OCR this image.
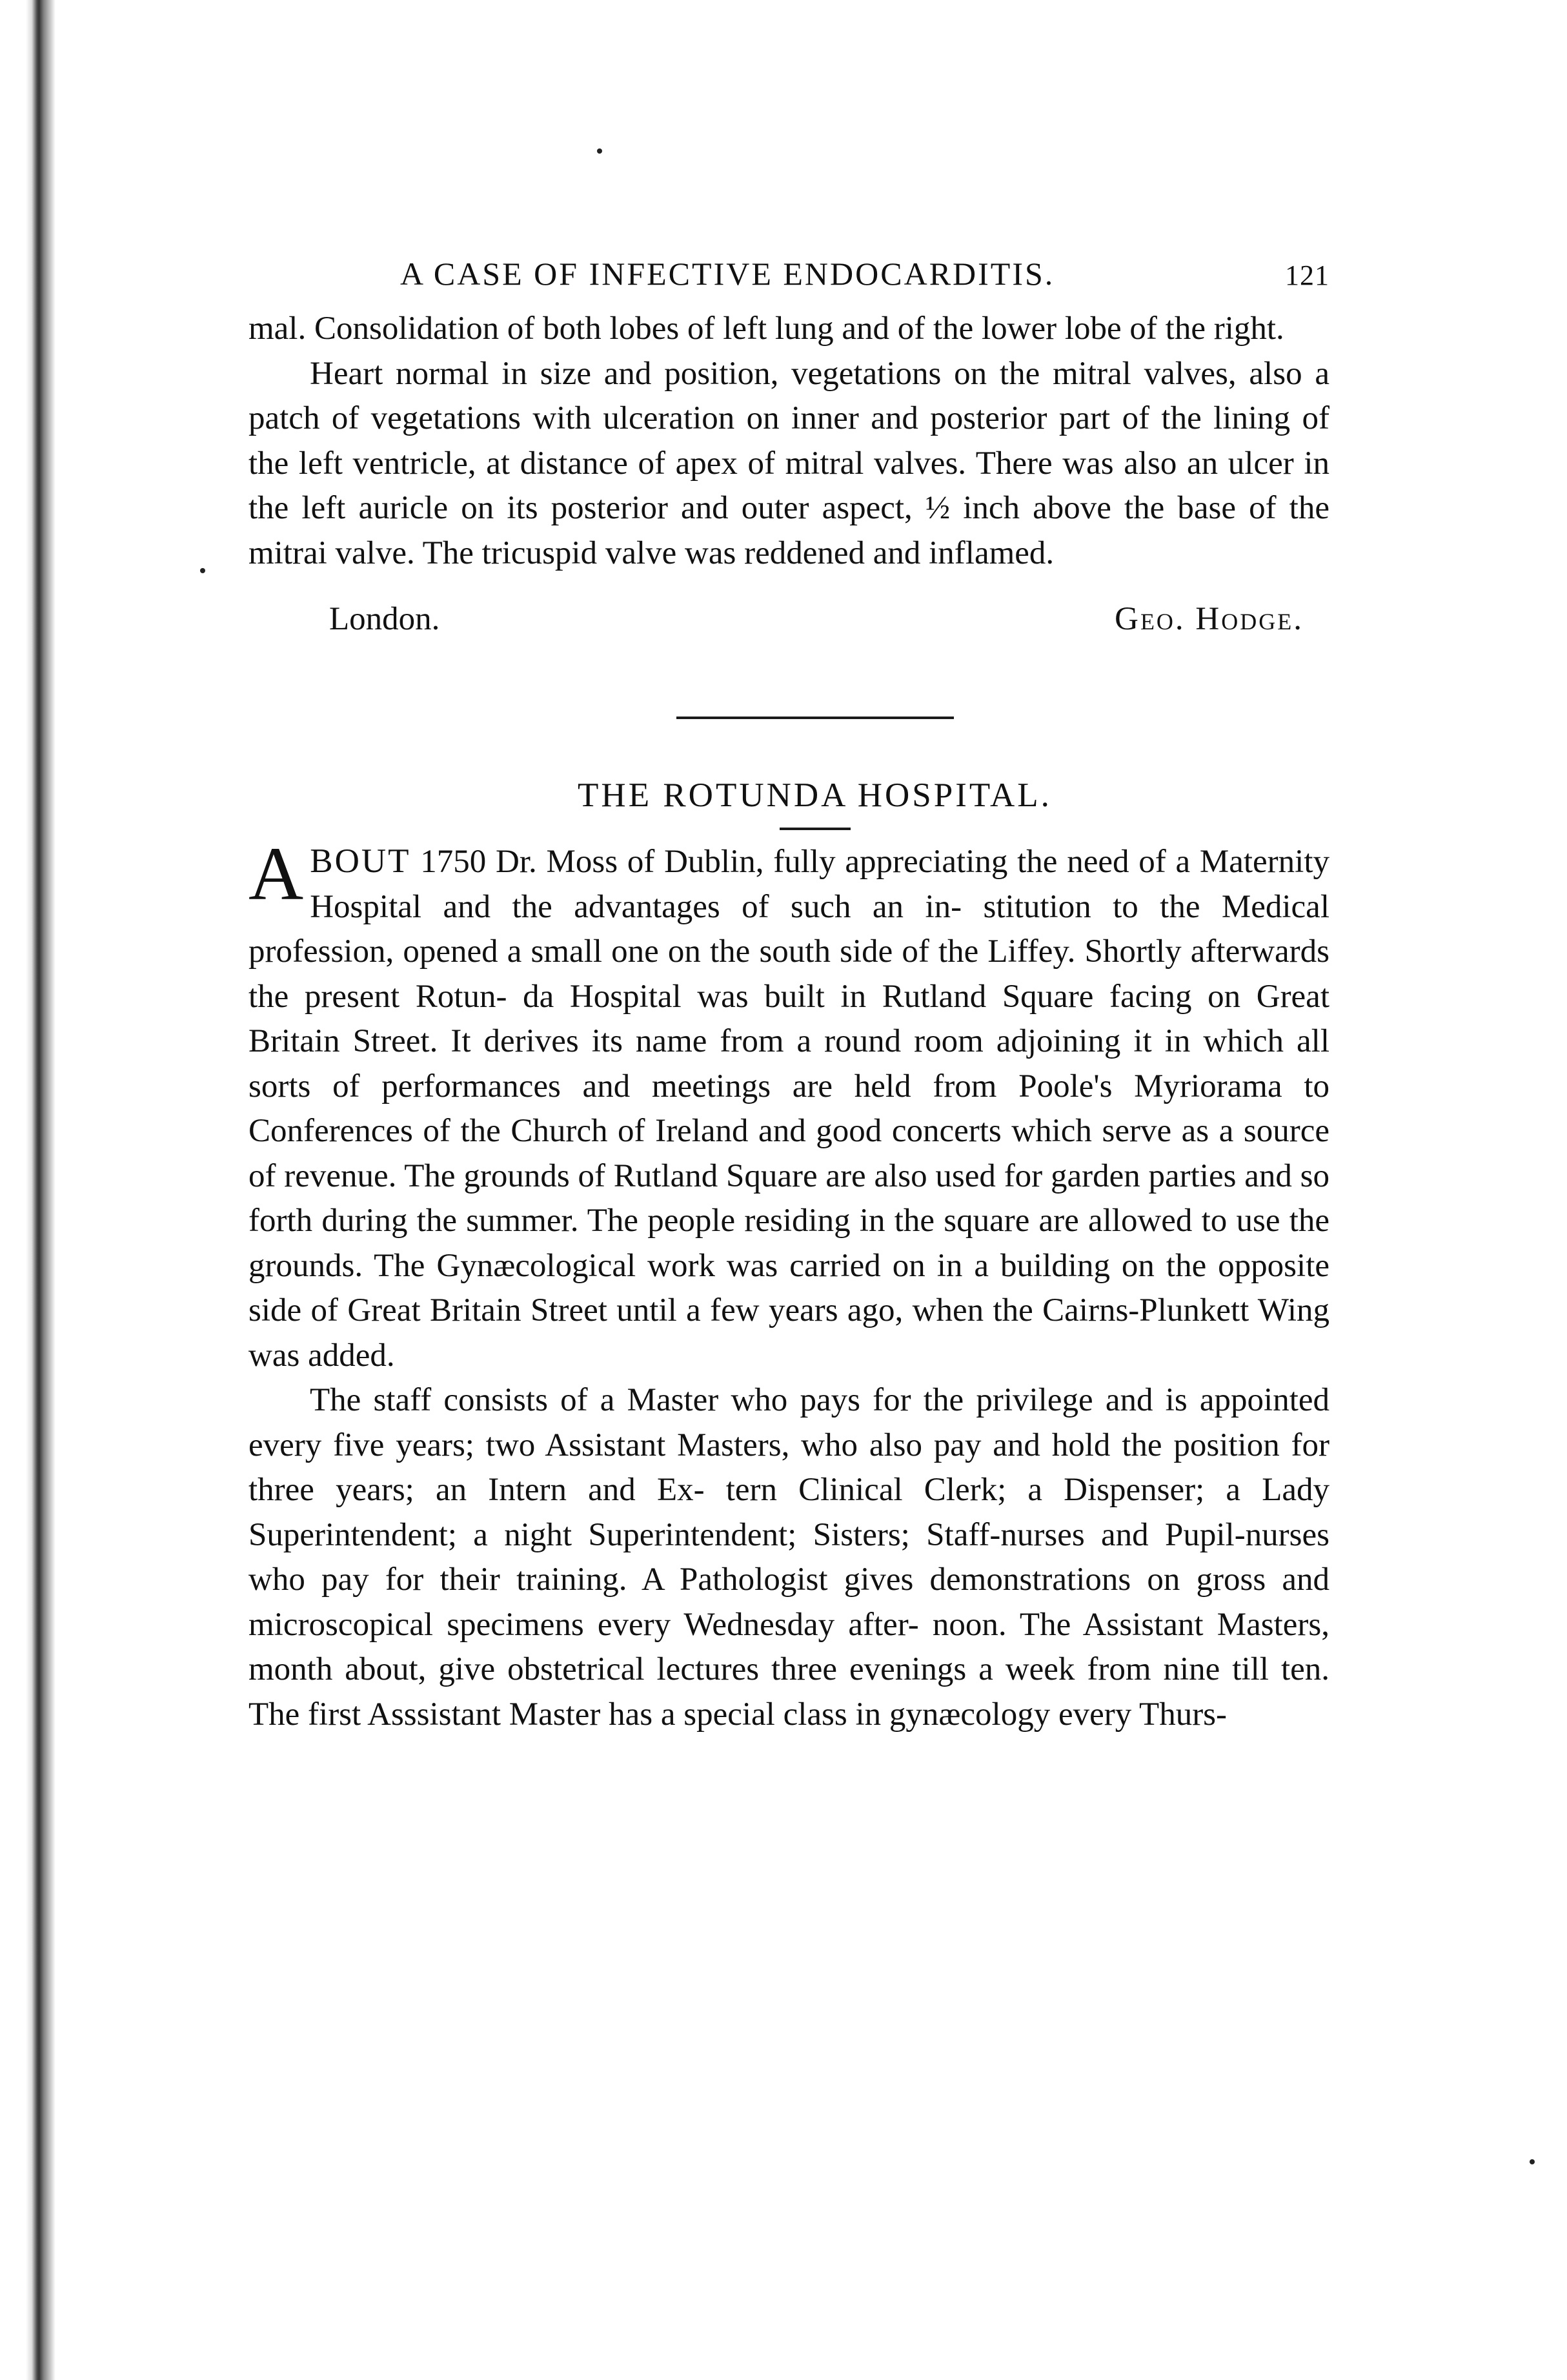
A CASE OF INFECTIVE ENDOCARDITIS.	121

mal. Consolidation of both lobes of left lung and of the lower lobe of the right.

Heart normal in size and position, vegetations on the mitral valves, also a patch of vegetations with ulceration on inner and posterior part of the lining of the left ventricle, at distance of apex of mitral valves. There was also an ulcer in the left auricle on its posterior and outer aspect, ½ inch above the base of the mitrai valve. The tricuspid valve was reddened and inflamed.

London.	Geo. Hodge.
THE ROTUNDA HOSPITAL.

ABOUT 1750 Dr. Moss of Dublin, fully appreciating the need of a Maternity Hospital and the advantages of such an in- stitution to the Medical profession, opened a small one on the south side of the Liffey. Shortly afterwards the present Rotun- da Hospital was built in Rutland Square facing on Great Britain Street. It derives its name from a round room adjoining it in which all sorts of performances and meetings are held from Poole's Myriorama to Conferences of the Church of Ireland and good concerts which serve as a source of revenue. The grounds of Rutland Square are also used for garden parties and so forth during the summer. The people residing in the square are allowed to use the grounds. The Gynæcological work was carried on in a building on the opposite side of Great Britain Street until a few years ago, when the Cairns-Plunkett Wing was added.

The staff consists of a Master who pays for the privilege and is appointed every five years; two Assistant Masters, who also pay and hold the position for three years; an Intern and Ex- tern Clinical Clerk; a Dispenser; a Lady Superintendent; a night Superintendent; Sisters; Staff-nurses and Pupil-nurses who pay for their training. A Pathologist gives demonstrations on gross and microscopical specimens every Wednesday after- noon. The Assistant Masters, month about, give obstetrical lectures three evenings a week from nine till ten. The first Asssistant Master has a special class in gynæcology every Thurs-
